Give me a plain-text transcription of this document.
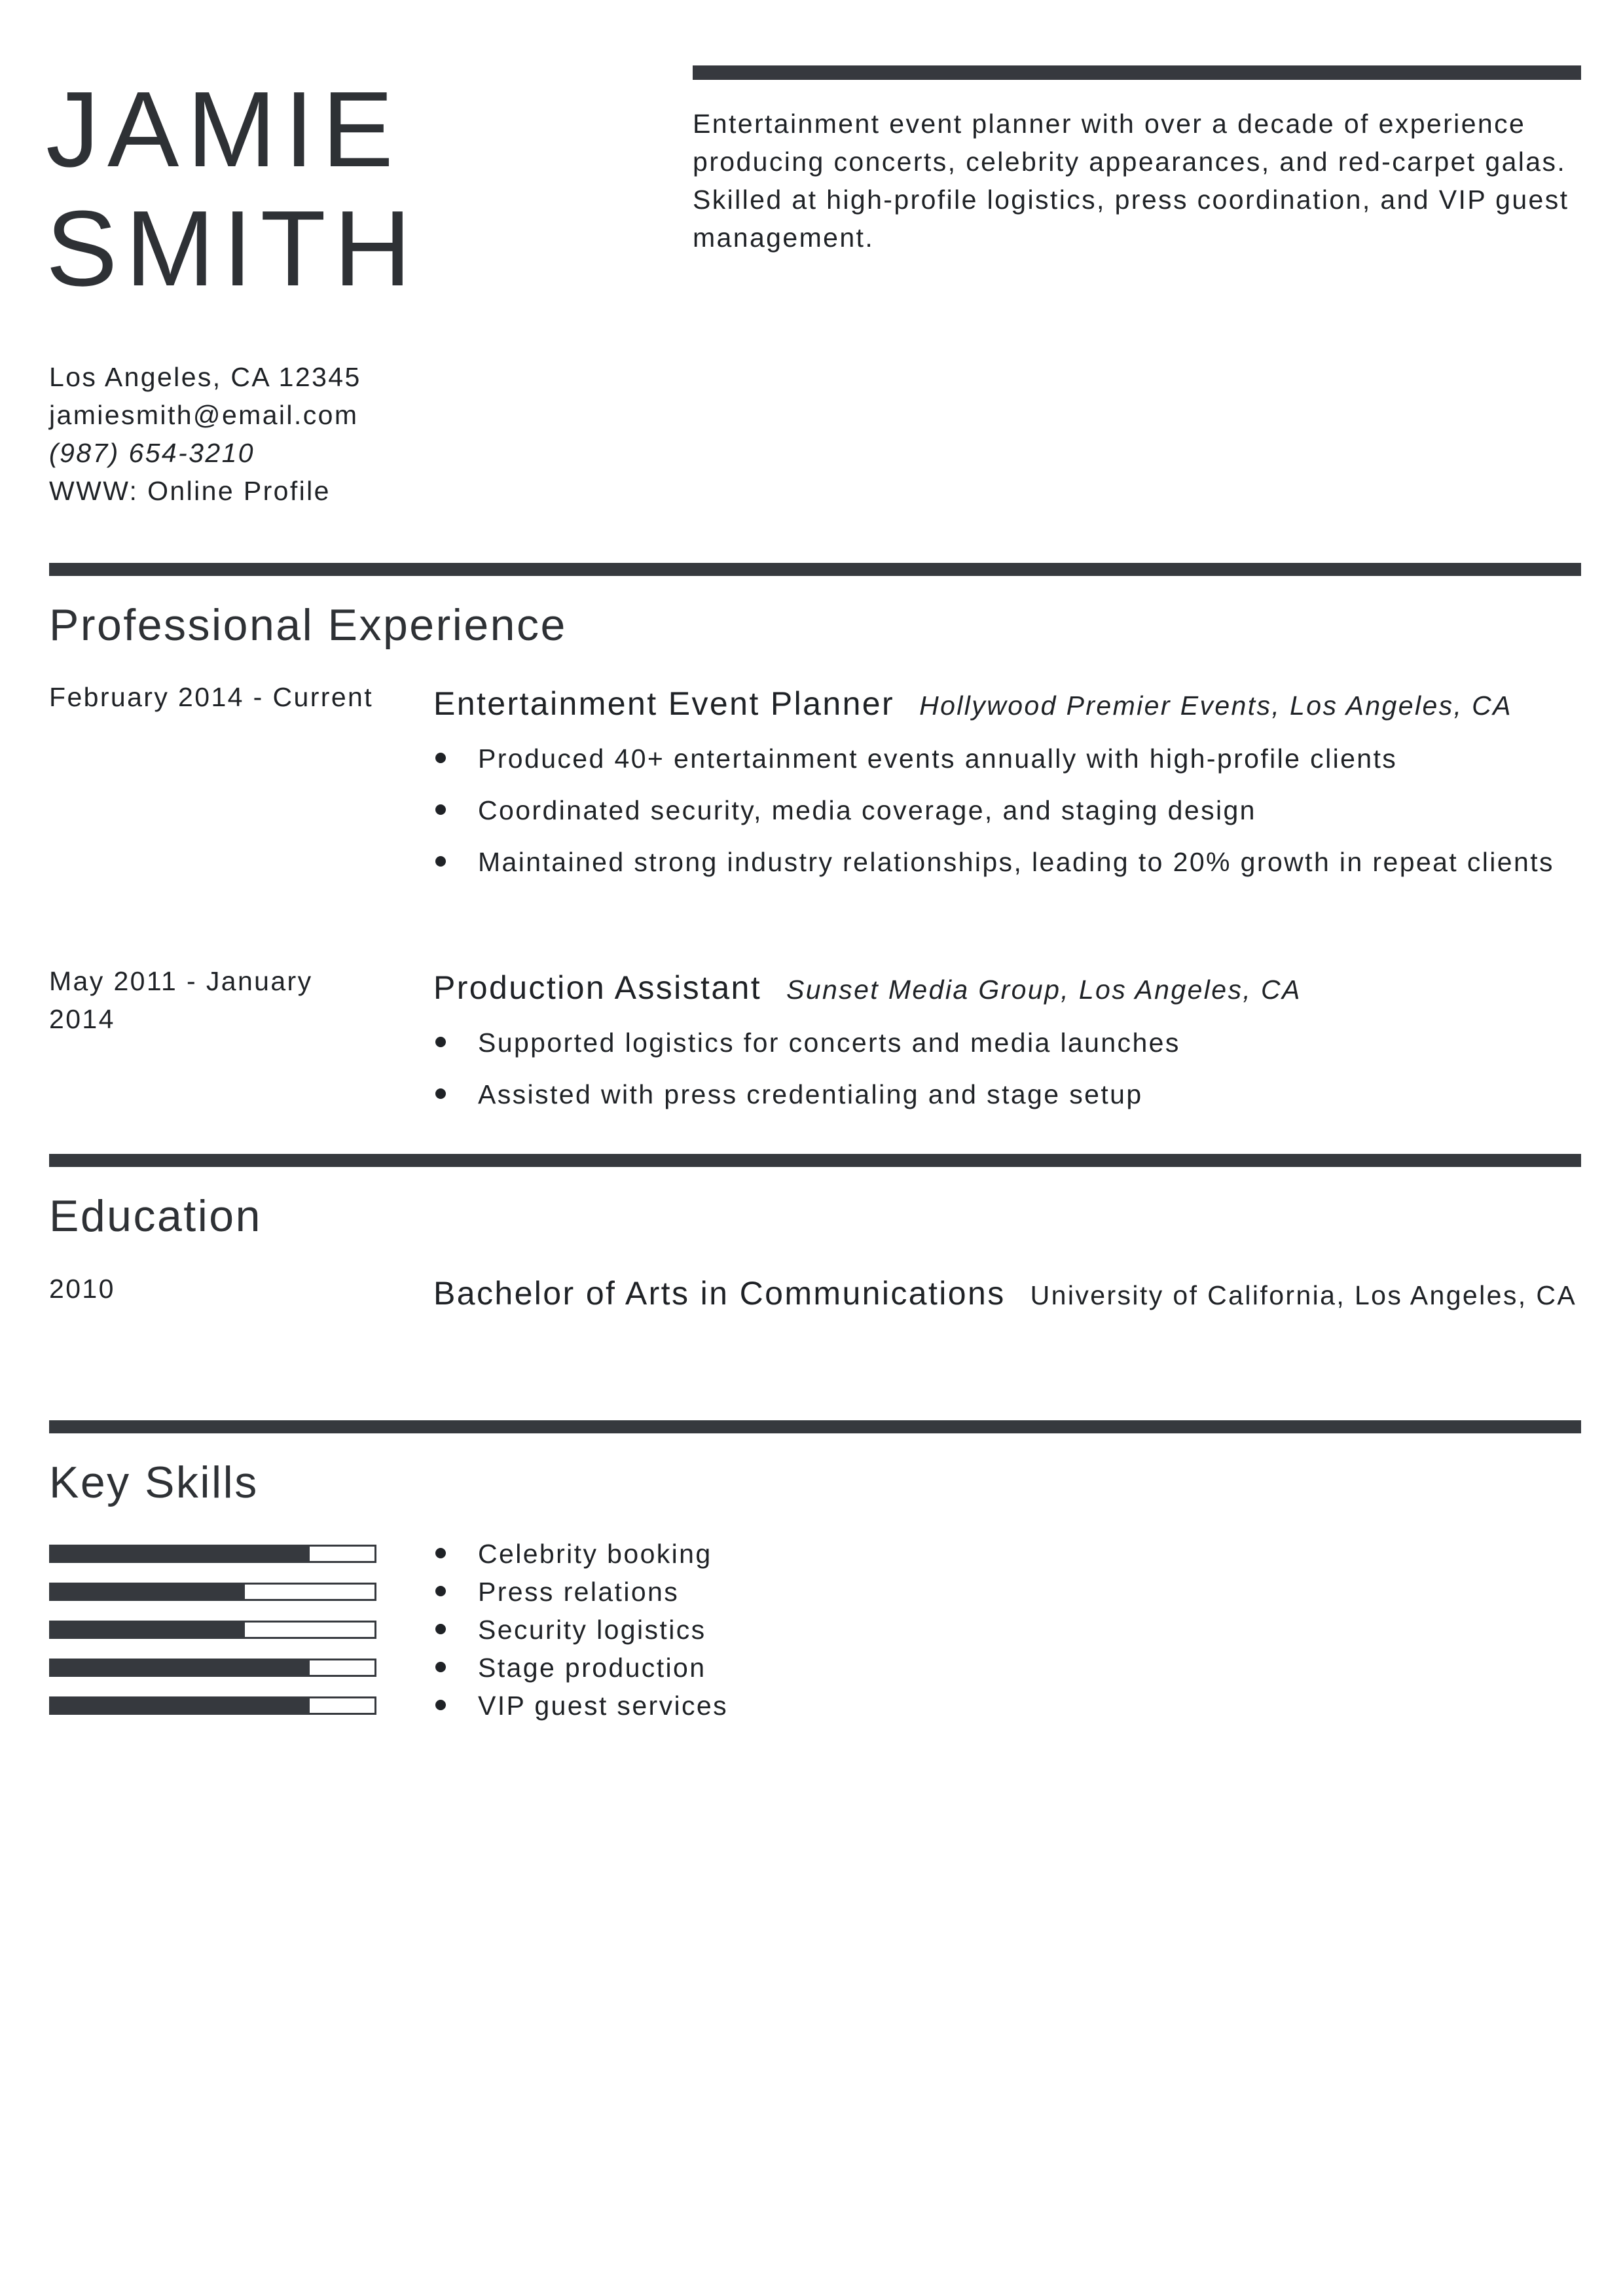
JAMIE
SMITH
Entertainment event planner with over a decade of experience producing concerts, celebrity appearances, and red-carpet galas. Skilled at high-profile logistics, press coordination, and VIP guest management.
Los Angeles, CA 12345
jamiesmith@email.com
(987) 654-3210
WWW: Online Profile
Professional Experience
February 2014 - Current	Entertainment Event Planner Hollywood Premier Events, Los Angeles, CA
Produced 40+ entertainment events annually with high-profile clients
Coordinated security, media coverage, and staging design
Maintained strong industry relationships, leading to 20% growth in repeat clients
May 2011 - January 2014
Production Assistant Sunset Media Group, Los Angeles, CA
Supported logistics for concerts and media launches
Assisted with press credentialing and stage setup
Education
2010	Bachelor of Arts in Communications University of California, Los Angeles, CA
Key Skills
Celebrity booking
Press relations
Security logistics
Stage production
VIP guest services
